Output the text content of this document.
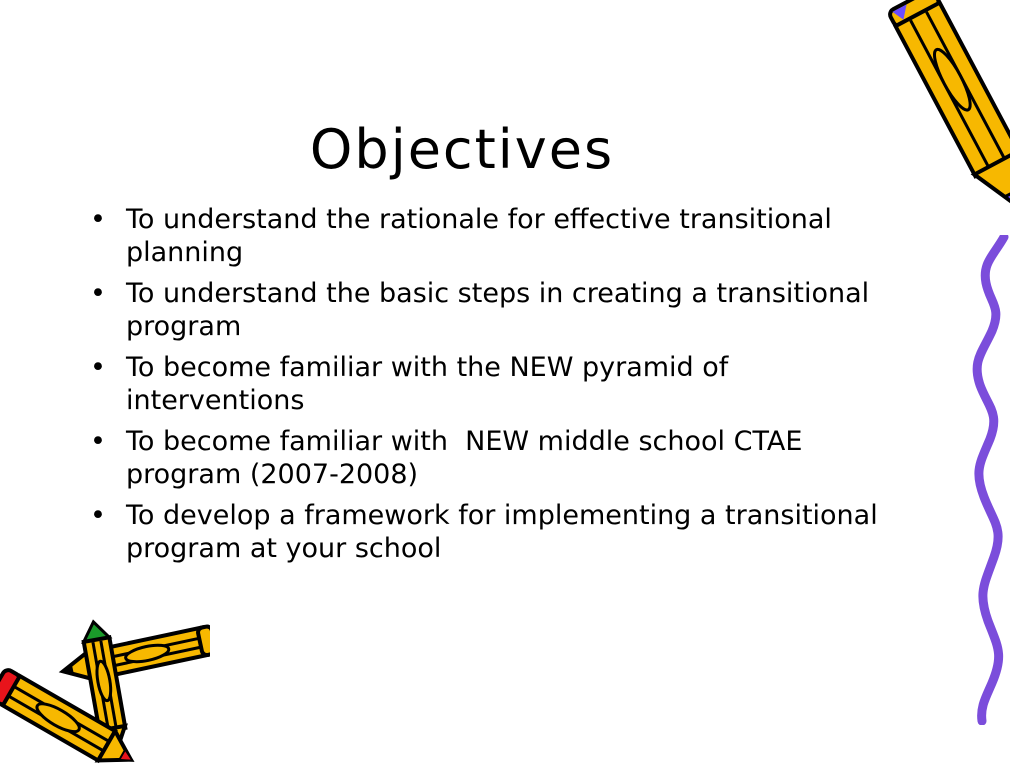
Objectives
• To understand the rationale for effective transitional planning
• To understand the basic steps in creating a transitional program
• To become familiar with the NEW pyramid of interventions
• To become familiar with  NEW middle school CTAE program (2007-2008)
• To develop a framework for implementing a transitional program at your school
